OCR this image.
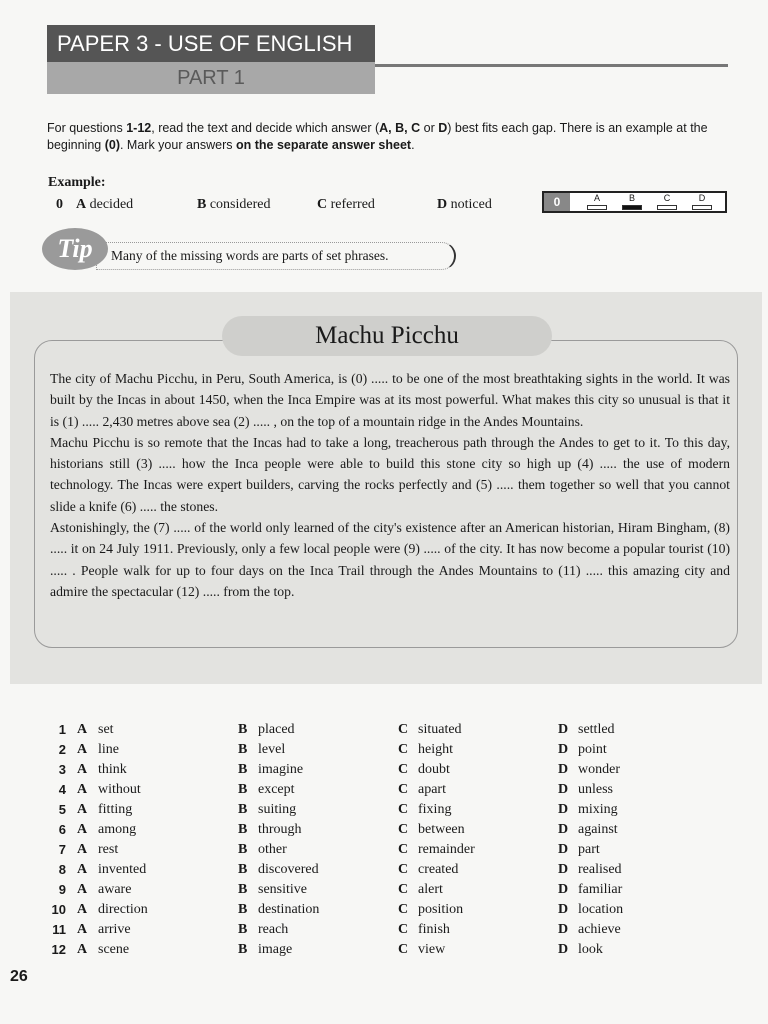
PAPER 3 - USE OF ENGLISH
PART 1
For questions 1-12, read the text and decide which answer (A, B, C or D) best fits each gap. There is an example at the beginning (0). Mark your answers on the separate answer sheet.
Example:
0 A decided	B considered	C referred	D noticed	0	A	B	C	D
Many of the missing words are parts of set phrases.
Tip
Machu Picchu

The city of Machu Picchu, in Peru, South America, is (0) ..... to be one of the most breathtaking sights in the world. It was built by the Incas in about 1450, when the Inca Empire was at its most powerful. What makes this city so unusual is that it is (1) ..... 2,430 metres above sea (2) ..... , on the top of a mountain ridge in the Andes Mountains.

Machu Picchu is so remote that the Incas had to take a long, treacherous path through the Andes to get to it. To this day, historians still (3) ..... how the Inca people were able to build this stone city so high up (4) ..... the use of modern technology. The Incas were expert builders, carving the rocks perfectly and (5) ..... them together so well that you cannot slide a knife (6) ..... the stones.

Astonishingly, the (7) ..... of the world only learned of the city's existence after an American historian, Hiram Bingham, (8) ..... it on 24 July 1911. Previously, only a few local people were (9) ..... of the city. It has now become a popular tourist (10) ..... . People walk for up to four days on the Inca Trail through the Andes Mountains to (11) ..... this amazing city and admire the spectacular (12) ..... from the top.

1 A set	B placed	C situated	D settled
2 A line	B level	C height	D point
3 A think	B imagine	C doubt	D wonder
4 A without	B except	C apart	D unless
5 A fitting	B suiting	C fixing	D mixing
6 A among	B through	C between	D against
7 A rest	B other	C remainder	D part
8 A invented	B discovered	C created	D realised
9 A aware	B sensitive	C alert	D familiar
10 A direction	B destination	C position	D location
11 A arrive	B reach	C finish	D achieve
12 A scene	B image	C view	D look
26
